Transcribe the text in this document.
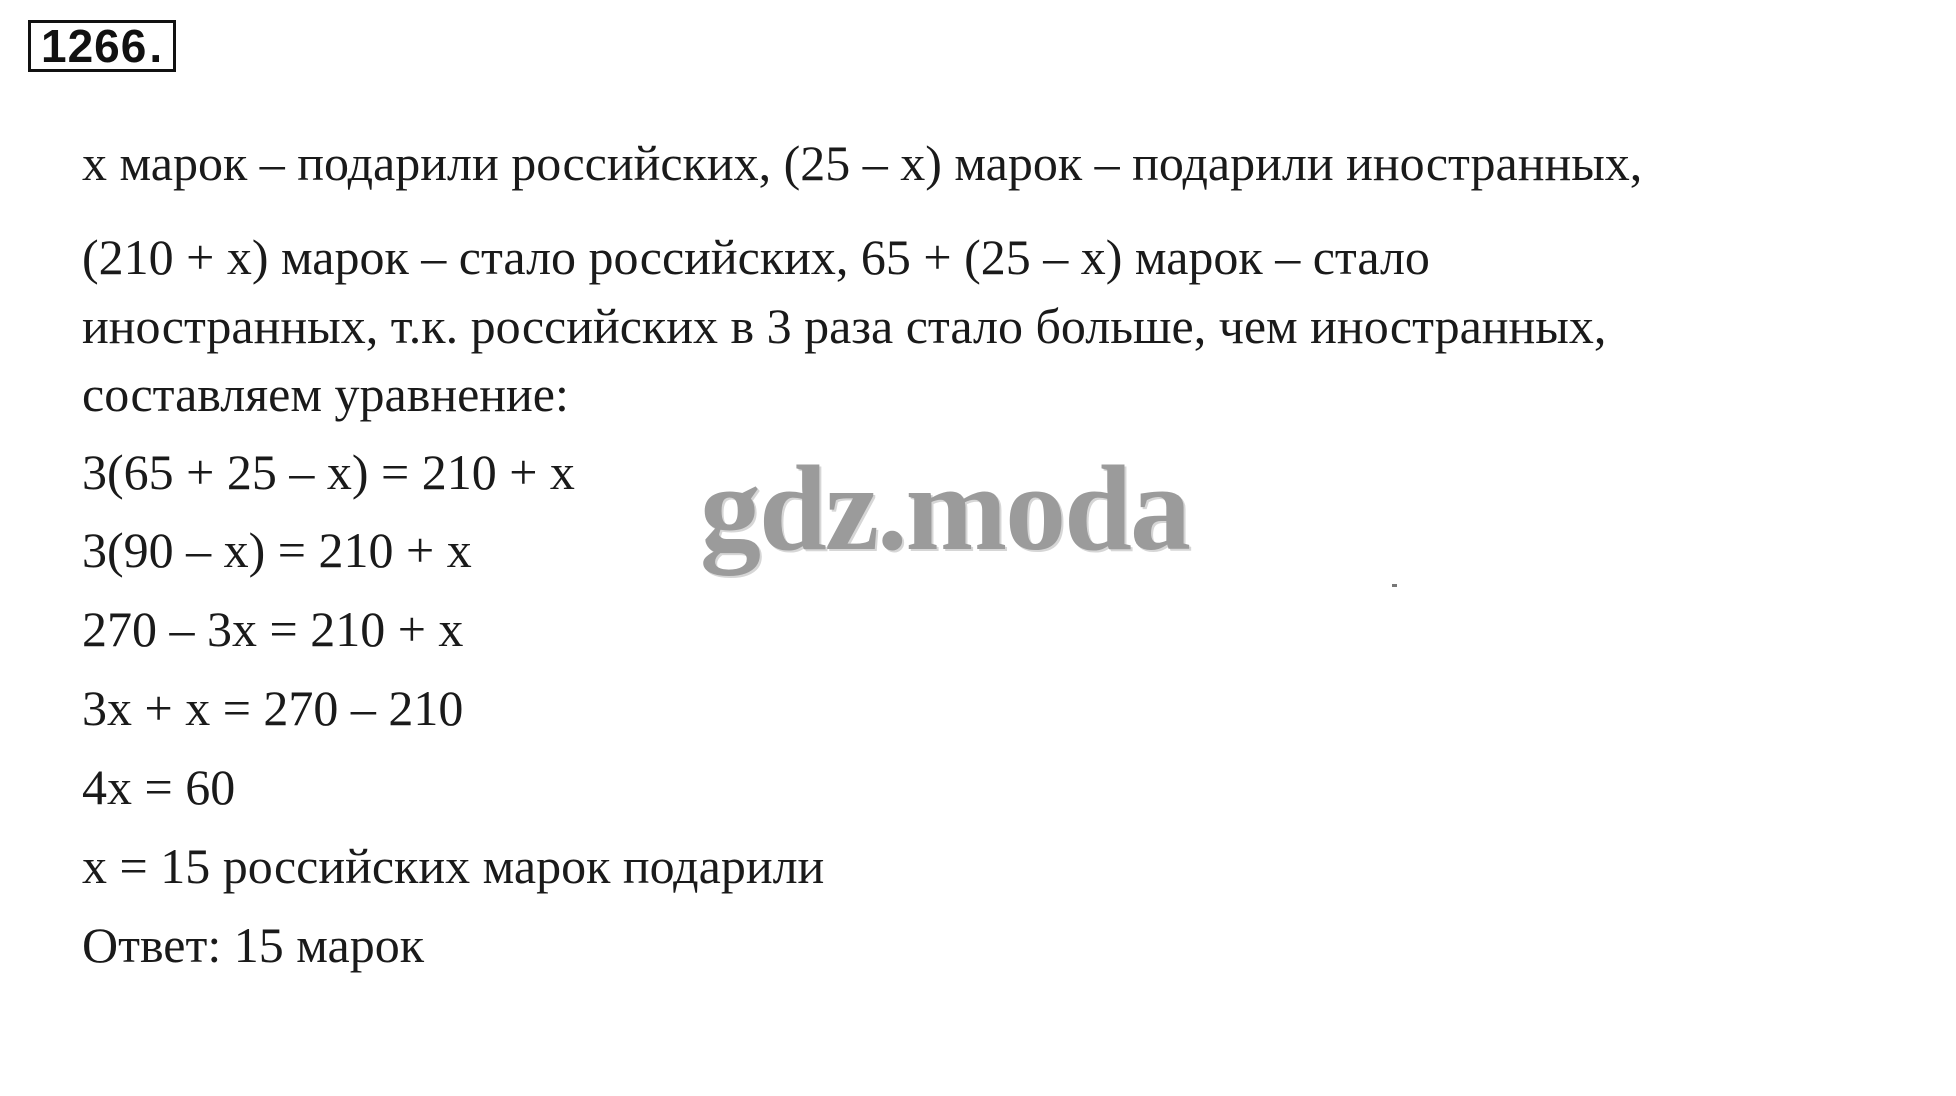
1266 .
x марок – подарили российских, (25 – x) марок – подарили иностранных,
(210 + x) марок – стало российских, 65 + (25 – x) марок – стало
иностранных, т.к. российских в 3 раза стало больше, чем иностранных,
составляем уравнение:
3(65 + 25 – x) = 210 + x
3(90 – x) = 210 + x
270 – 3x = 210 + x
3x + x = 270 – 210
4x = 60
x = 15 российских марок подарили
Ответ: 15 марок
gdz.moda
